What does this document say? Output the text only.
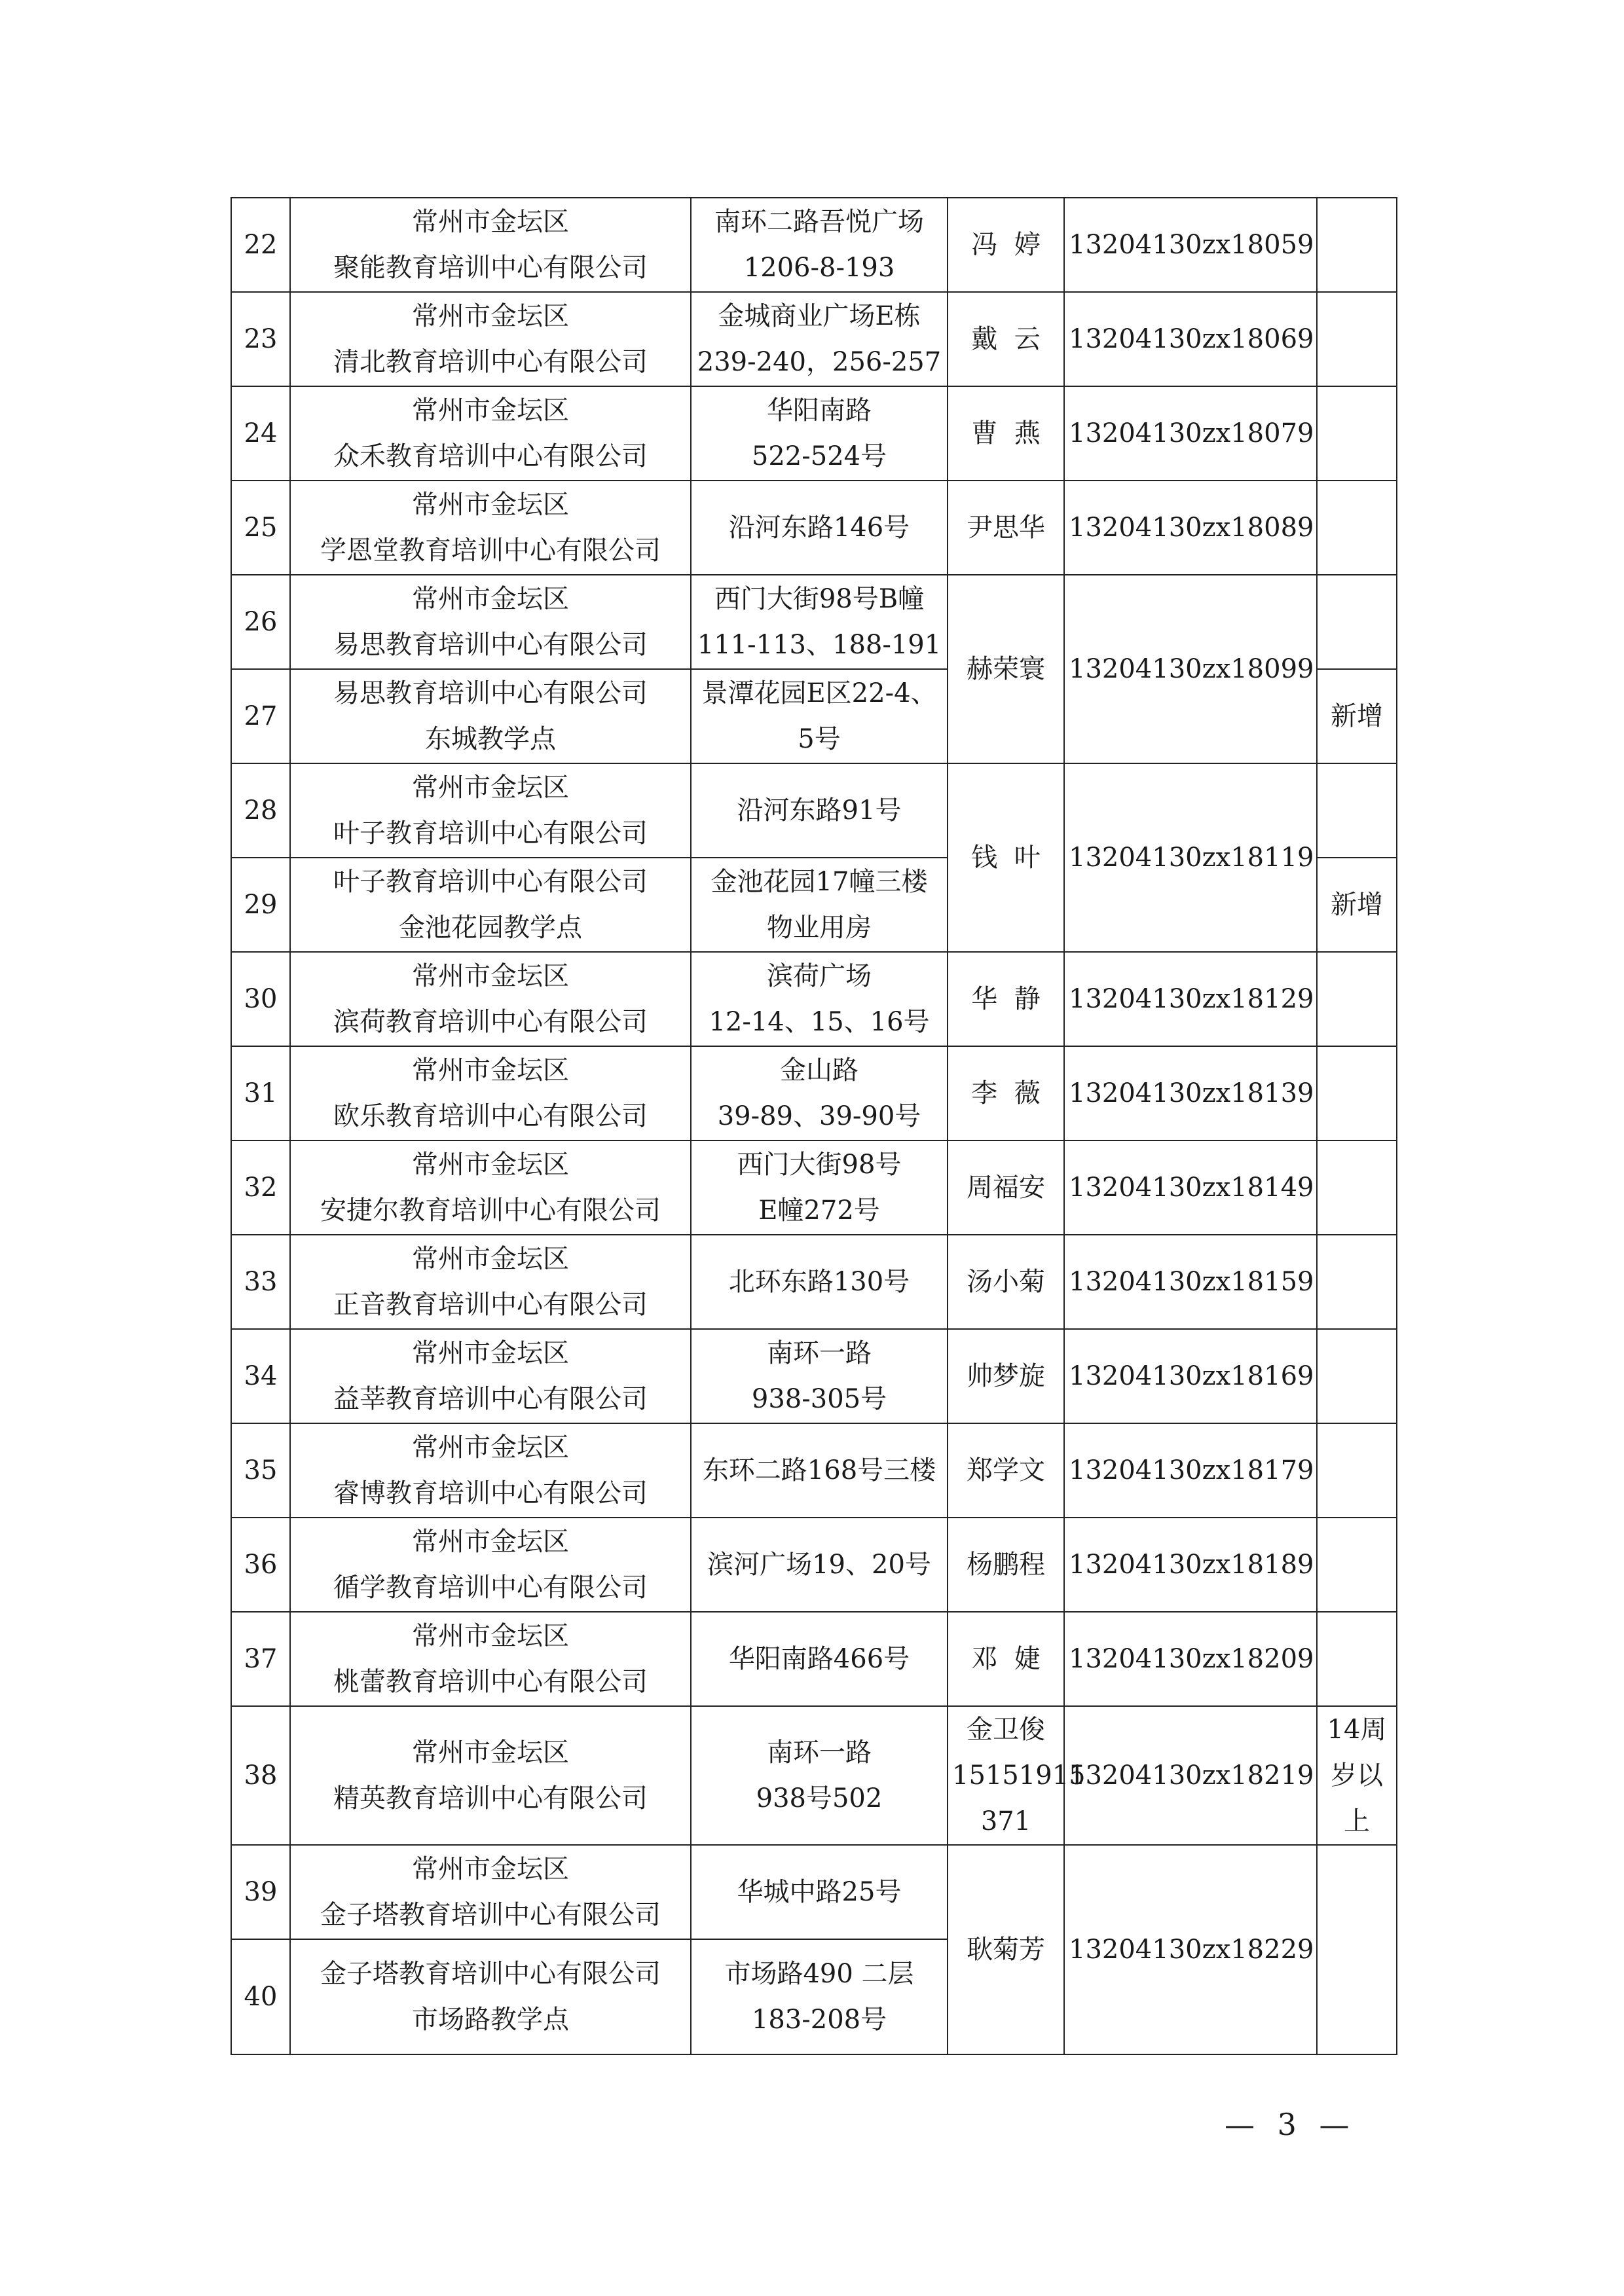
22	常州市金坛区
聚能教育培训中心有限公司	南环二路吾悦广场
1206-8-193	冯  婷	13204130zx18059	
23	常州市金坛区
清北教育培训中心有限公司	金城商业广场E栋
239-240，256-257	戴  云	13204130zx18069	
24	常州市金坛区
众禾教育培训中心有限公司	华阳南路
522-524号	曹  燕	13204130zx18079	
25	常州市金坛区
学恩堂教育培训中心有限公司	沿河东路146号	尹思华	13204130zx18089	
26	常州市金坛区
易思教育培训中心有限公司	西门大街98号B幢
111-113、188-191	赫荣寰	13204130zx18099	
27	易思教育培训中心有限公司
东城教学点	景潭花园E区22-4、
5号			新增
28	常州市金坛区
叶子教育培训中心有限公司	沿河东路91号	钱  叶	13204130zx18119	
29	叶子教育培训中心有限公司
金池花园教学点	金池花园17幢三楼
物业用房			新增
30	常州市金坛区
滨荷教育培训中心有限公司	滨荷广场
12-14、15、16号	华  静	13204130zx18129	
31	常州市金坛区
欧乐教育培训中心有限公司	金山路
39-89、39-90号	李  薇	13204130zx18139	
32	常州市金坛区
安捷尔教育培训中心有限公司	西门大街98号
E幢272号	周福安	13204130zx18149	
33	常州市金坛区
正音教育培训中心有限公司	北环东路130号	汤小菊	13204130zx18159	
34	常州市金坛区
益莘教育培训中心有限公司	南环一路
938-305号	帅梦旋	13204130zx18169	
35	常州市金坛区
睿博教育培训中心有限公司	东环二路168号三楼	郑学文	13204130zx18179	
36	常州市金坛区
循学教育培训中心有限公司	滨河广场19、20号	杨鹏程	13204130zx18189	
37	常州市金坛区
桃蕾教育培训中心有限公司	华阳南路466号	邓  婕	13204130zx18209	
38	常州市金坛区
精英教育培训中心有限公司	南环一路
938号502	金卫俊
15151915
371	13204130zx18219	14周
岁以
上

39	常州市金坛区
金子塔教育培训中心有限公司	华城中路25号	耿菊芳	13204130zx18229	
40	金子塔教育培训中心有限公司
市场路教学点	市场路490 二层
183-208号			
— 3 —
